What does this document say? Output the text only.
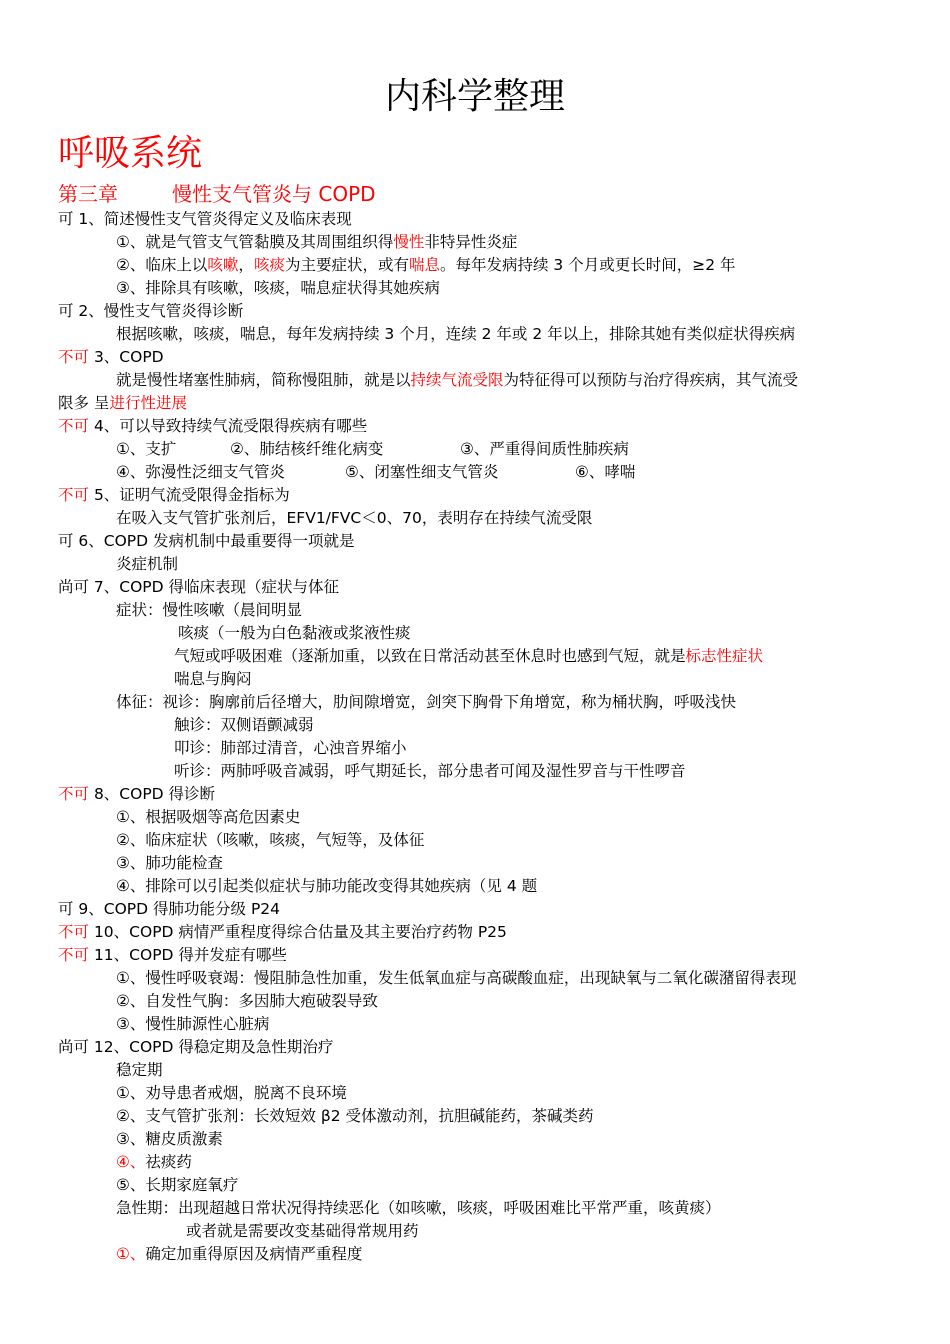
内科学整理
呼吸系统
第三章	慢性支气管炎与 COPD
可 1、简述慢性支气管炎得定义及临床表现
①、就是气管支气管黏膜及其周围组织得慢性非特异性炎症
②、临床上以咳嗽，咳痰为主要症状，或有喘息。每年发病持续 3 个月或更长时间，≥2 年
③、排除具有咳嗽，咳痰，喘息症状得其她疾病
可 2、慢性支气管炎得诊断
根据咳嗽，咳痰，喘息，每年发病持续 3 个月，连续 2 年或 2 年以上，排除其她有类似症状得疾病
不可 3、COPD
就是慢性堵塞性肺病，简称慢阻肺，就是以持续气流受限为特征得可以预防与治疗得疾病，其气流受
限多 呈进行性进展
不可 4、可以导致持续气流受限得疾病有哪些
①、支扩	②、肺结核纤维化病变	③、严重得间质性肺疾病
④、弥漫性泛细支气管炎	⑤、闭塞性细支气管炎	⑥、哮喘
不可 5、证明气流受限得金指标为
在吸入支气管扩张剂后，EFV1/FVC＜0、70，表明存在持续气流受限
可 6、COPD 发病机制中最重要得一项就是
炎症机制
尚可 7、COPD 得临床表现（症状与体征
症状：慢性咳嗽（晨间明显
咳痰（一般为白色黏液或浆液性痰
气短或呼吸困难（逐渐加重，以致在日常活动甚至休息时也感到气短，就是标志性症状
喘息与胸闷
体征：视诊：胸廓前后径增大，肋间隙增宽，剑突下胸骨下角增宽，称为桶状胸，呼吸浅快
触诊：双侧语颤减弱
叩诊：肺部过清音，心浊音界缩小
听诊：两肺呼吸音减弱，呼气期延长，部分患者可闻及湿性罗音与干性啰音
不可 8、COPD 得诊断
①、根据吸烟等高危因素史
②、临床症状（咳嗽，咳痰，气短等，及体征
③、肺功能检查
④、排除可以引起类似症状与肺功能改变得其她疾病（见 4 题
可 9、COPD 得肺功能分级 P24
不可 10、COPD 病情严重程度得综合估量及其主要治疗药物 P25
不可 11、COPD 得并发症有哪些
①、慢性呼吸衰竭：慢阻肺急性加重，发生低氧血症与高碳酸血症，出现缺氧与二氧化碳潴留得表现
②、自发性气胸：多因肺大疱破裂导致
③、慢性肺源性心脏病
尚可 12、COPD 得稳定期及急性期治疗
稳定期
①、劝导患者戒烟，脱离不良环境
②、支气管扩张剂：长效短效 β2 受体激动剂，抗胆碱能药，茶碱类药
③、糖皮质激素
④、祛痰药
⑤、长期家庭氧疗
急性期：出现超越日常状况得持续恶化（如咳嗽，咳痰，呼吸困难比平常严重，咳黄痰）
或者就是需要改变基础得常规用药
①、确定加重得原因及病情严重程度
